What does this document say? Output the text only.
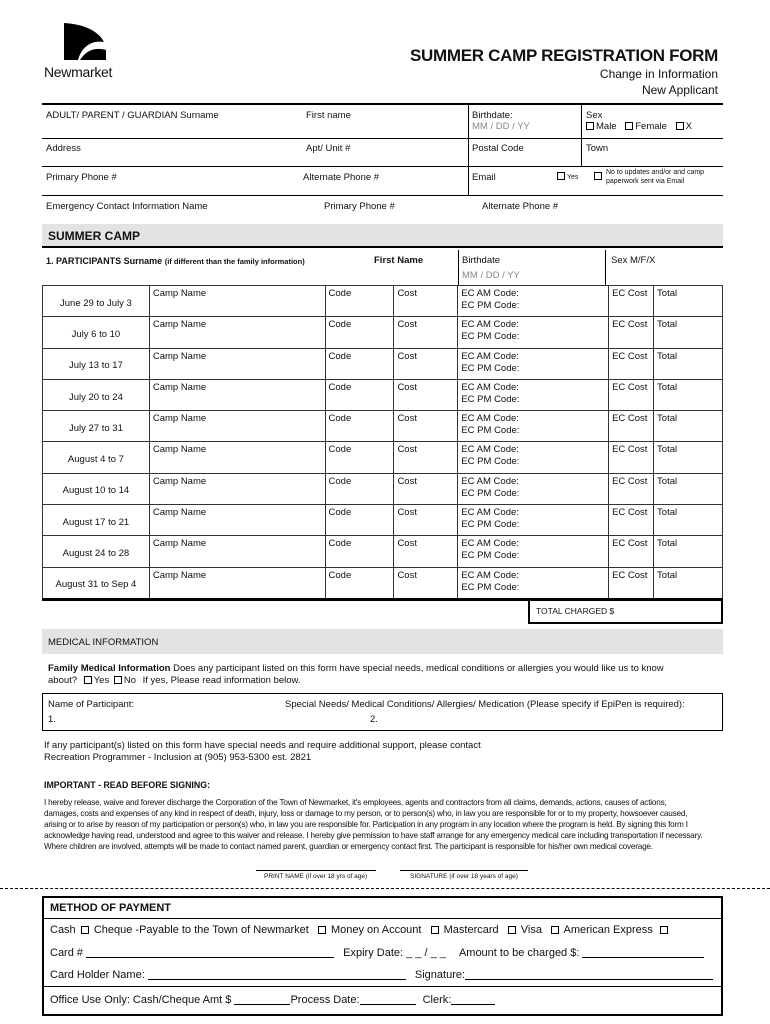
Newmarket
SUMMER CAMP REGISTRATION FORM
Change in Information
New Applicant
ADULT/ PARENT / GUARDIAN Surname	First name	Birthdate:
MM / DD / YY
Sex
Male Female X
Address	Apt/ Unit #	Postal Code	Town
Primary Phone #	Alternate Phone #	Email	Yes
No to updates and/or and camp
paperwork sent via Email
Emergency Contact Information Name	Primary Phone #	Alternate Phone #
SUMMER CAMP
1. PARTICIPANTS Surname (if different than the family information)	First Name	Birthdate
MM / DD / YY
Sex M/F/X
June 29 to July 3	Camp Name	Code	Cost	EC AM Code:
EC PM Code:	EC Cost	Total
July 6 to 10	Camp Name	Code	Cost	EC AM Code:
EC PM Code:	EC Cost	Total
July 13 to 17	Camp Name	Code	Cost	EC AM Code:
EC PM Code:	EC Cost	Total
July 20 to 24	Camp Name	Code	Cost	EC AM Code:
EC PM Code:	EC Cost	Total
July 27 to 31	Camp Name	Code	Cost	EC AM Code:
EC PM Code:	EC Cost	Total
August 4 to 7	Camp Name	Code	Cost	EC AM Code:
EC PM Code:	EC Cost	Total
August 10 to 14	Camp Name	Code	Cost	EC AM Code:
EC PM Code:	EC Cost	Total
August 17 to 21	Camp Name	Code	Cost	EC AM Code:
EC PM Code:	EC Cost	Total
August 24 to 28	Camp Name	Code	Cost	EC AM Code:
EC PM Code:	EC Cost	Total
August 31 to Sep 4	Camp Name	Code	Cost	EC AM Code:
EC PM Code:	EC Cost	Total
TOTAL CHARGED $
MEDICAL INFORMATION
Family Medical Information Does any participant listed on this form have special needs, medical conditions or allergies you would like us to know
about? Yes No If yes, Please read information below.
Name of Participant:	Special Needs/ Medical Conditions/ Allergies/ Medication (Please specify if EpiPen is required):
1.	2.
If any participant(s) listed on this form have special needs and require additional support, please contact
Recreation Programmer - Inclusion at (905) 953-5300 est. 2821
IMPORTANT - READ BEFORE SIGNING:
I hereby release, waive and forever discharge the Corporation of the Town of Newmarket, it's employees, agents and contractors from all claims, demands, actions, causes of actions,
damages, costs and expenses of any kind in respect of death, injury, loss or damage to my person, or to person(s) who, in law you are responsible for or to my property, howsoever caused,
arising or to arise by reason of my participation or person(s) who, in law you are responsible for. Participation in any program in any location where the program is held. By signing this form I
acknowledge having read, understood and agree to this waiver and release. I hereby give permission to have staff arrange for any emergency medical care including transportation if necessary.
Where children are involved, attempts will be made to contact named parent, guardian or emergency contact first. The participant is responsible for his/her own medical coverage.
PRINT NAME (if over 18 yrs of age)	SIGNATURE (if over 18 years of age)
METHOD OF PAYMENT
Cash Cheque -Payable to the Town of Newmarket Money on Account Mastercard Visa American Express
Card #	Expiry Date: _ _ / _ _ Amount to be charged $:
Card Holder Name:	Signature:
Office Use Only: Cash/Cheque Amt $	Process Date:	Clerk:
